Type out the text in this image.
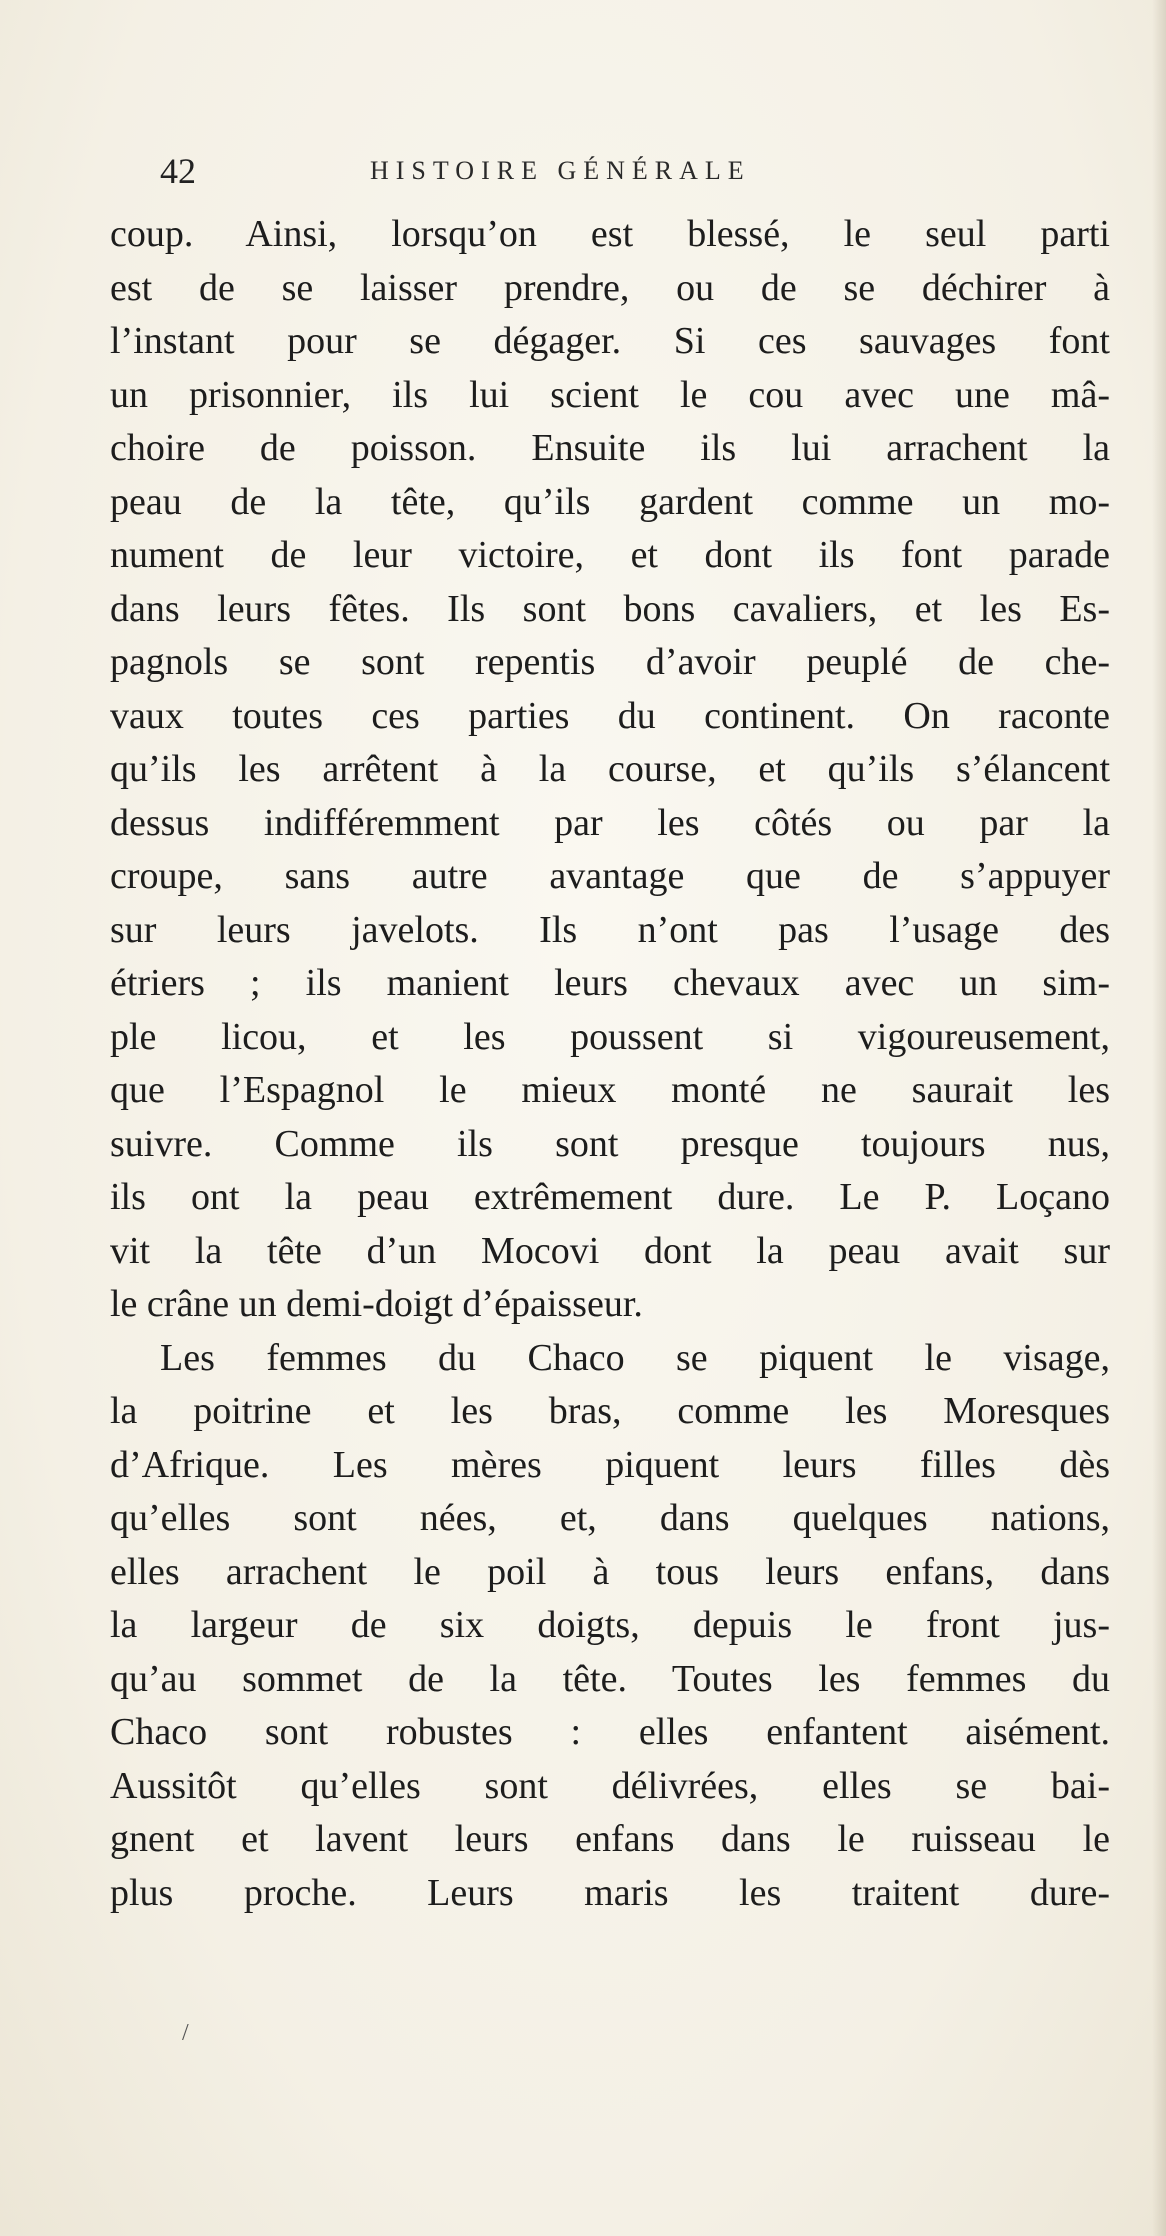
42	HISTOIRE GÉNÉRALE
coup. Ainsi, lorsqu’on est blessé, le seul parti
est de se laisser prendre, ou de se déchirer à
l’instant pour se dégager. Si ces sauvages font
un prisonnier, ils lui scient le cou avec une mâ-
choire de poisson. Ensuite ils lui arrachent la
peau de la tête, qu’ils gardent comme un mo-
nument de leur victoire, et dont ils font parade
dans leurs fêtes. Ils sont bons cavaliers, et les Es-
pagnols se sont repentis d’avoir peuplé de che-
vaux toutes ces parties du continent. On raconte
qu’ils les arrêtent à la course, et qu’ils s’élancent
dessus indifféremment par les côtés ou par la
croupe, sans autre avantage que de s’appuyer
sur leurs javelots. Ils n’ont pas l’usage des
étriers ; ils manient leurs chevaux avec un sim-
ple licou, et les poussent si vigoureusement,
que l’Espagnol le mieux monté ne saurait les
suivre. Comme ils sont presque toujours nus,
ils ont la peau extrêmement dure. Le P. Loçano
vit la tête d’un Mocovi dont la peau avait sur
le crâne un demi-doigt d’épaisseur.
Les femmes du Chaco se piquent le visage,
la poitrine et les bras, comme les Moresques
d’Afrique. Les mères piquent leurs filles dès
qu’elles sont nées, et, dans quelques nations,
elles arrachent le poil à tous leurs enfans, dans
la largeur de six doigts, depuis le front jus-
qu’au sommet de la tête. Toutes les femmes du
Chaco sont robustes : elles enfantent aisément.
Aussitôt qu’elles sont délivrées, elles se bai-
gnent et lavent leurs enfans dans le ruisseau le
plus proche. Leurs maris les traitent dure-
/
